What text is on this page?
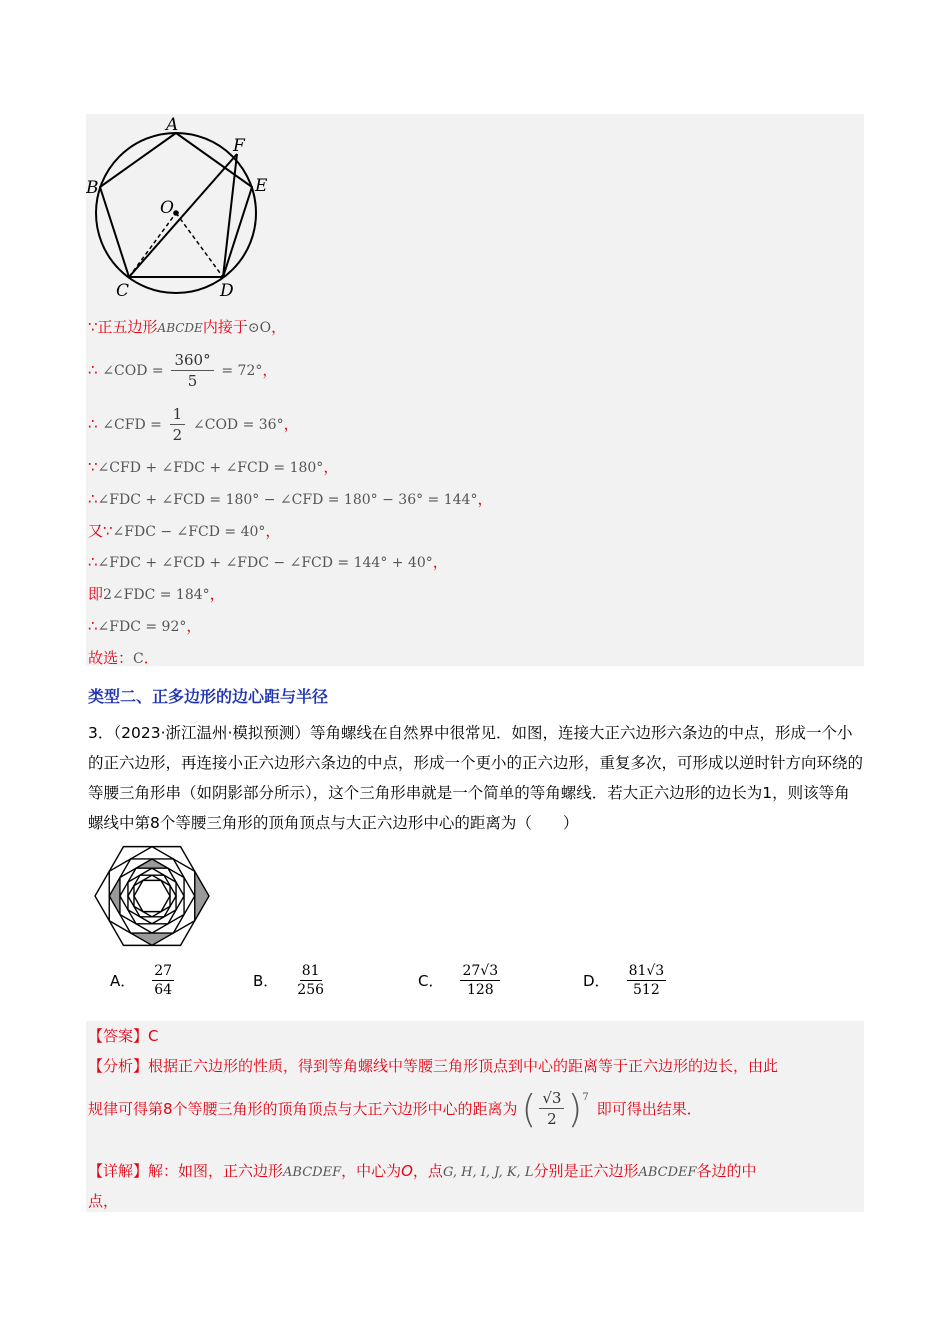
A
B
C	D
E
F
O
∵正五边形ABCDE内接于⊙O，
∴ ∠COD = $\frac{360^\circ}{5} = 72^\circ$，
∴ ∠CFD = $\frac{1}{2}$ ∠COD = 36°，
∵∠CFD + ∠FDC + ∠FCD = 180°，
∴∠FDC + ∠FCD = 180° − ∠CFD = 180° − 36° = 144°，
又∵∠FDC − ∠FCD = 40°，
∴∠FDC + ∠FCD + ∠FDC − ∠FCD = 144° + 40°，
即2∠FDC = 184°，
∴∠FDC = 92°，
故选：C．
类型二、正多边形的边心距与半径
3．（2023·浙江温州·模拟预测）等角螺线在自然界中很常见．如图，连接大正六边形六条边的中点，形成一个小的正六边形，再连接小正六边形六条边的中点，形成一个更小的正六边形，重复多次，可形成以逆时针方向环绕的等腰三角形串（如阴影部分所示），这个三角形串就是一个简单的等角螺线．若大正六边形的边长为1，则该等角螺线中第8个等腰三角形的顶角顶点与大正六边形中心的距离为（　　）
A． $\frac{27}{64}$	B． $\frac{81}{256}$	C． $\frac{27√3}{128}$	D． $\frac{81√3}{512}$
【答案】C
【分析】根据正六边形的性质，得到等角螺线中等腰三角形顶点到中心的距离等于正六边形的边长，由此
规律可得第8个等腰三角形的顶角顶点与大正六边形中心的距离为 ( $\frac{√3}{2} )^7$
即可得出结果．
【详解】解：如图，正六边形ABCDEF，中心为O，点G, H, I, J, K, L分别是正六边形ABCDEF各边的中
点，
